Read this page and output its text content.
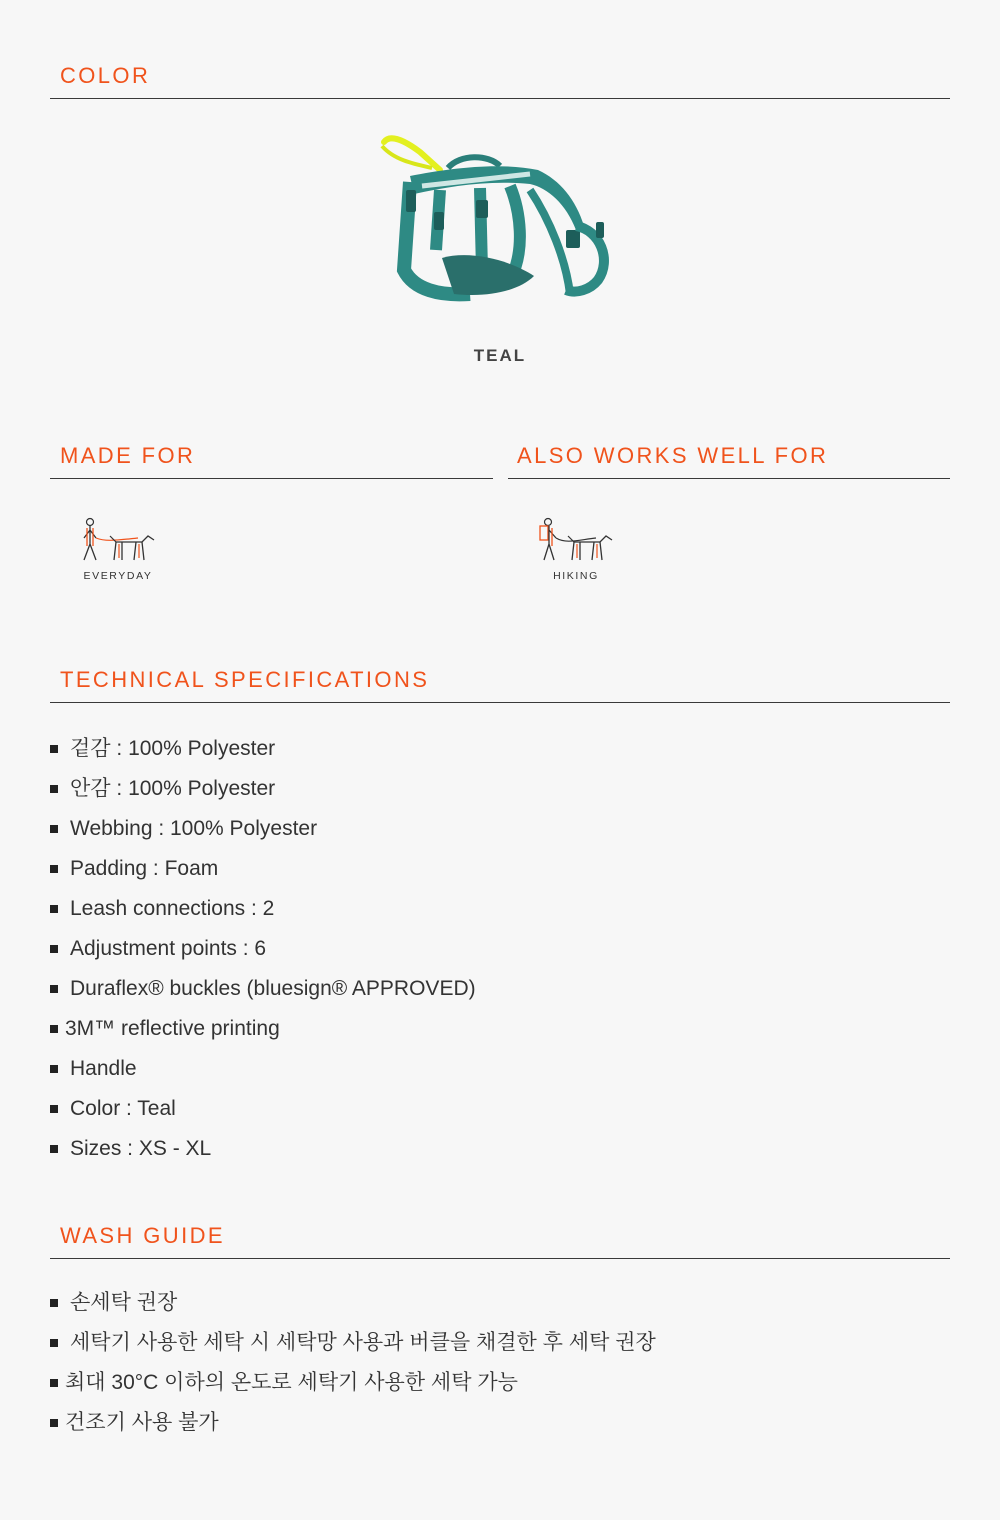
COLOR
TEAL
MADE FOR	ALSO WORKS WELL FOR
EVERYDAY	HIKING
TECHNICAL SPECIFICATIONS
겉감 : 100% Polyester
안감 : 100% Polyester
Webbing : 100% Polyester
Padding : Foam
Leash connections : 2
Adjustment points : 6
Duraflex® buckles (bluesign® APPROVED)
3M™ reflective printing
Handle
Color : Teal
Sizes : XS - XL
WASH GUIDE
손세탁 권장
세탁기 사용한 세탁 시 세탁망 사용과 버클을 채결한 후 세탁 권장
최대 30°C 이하의 온도로 세탁기 사용한 세탁 가능
건조기 사용 불가
